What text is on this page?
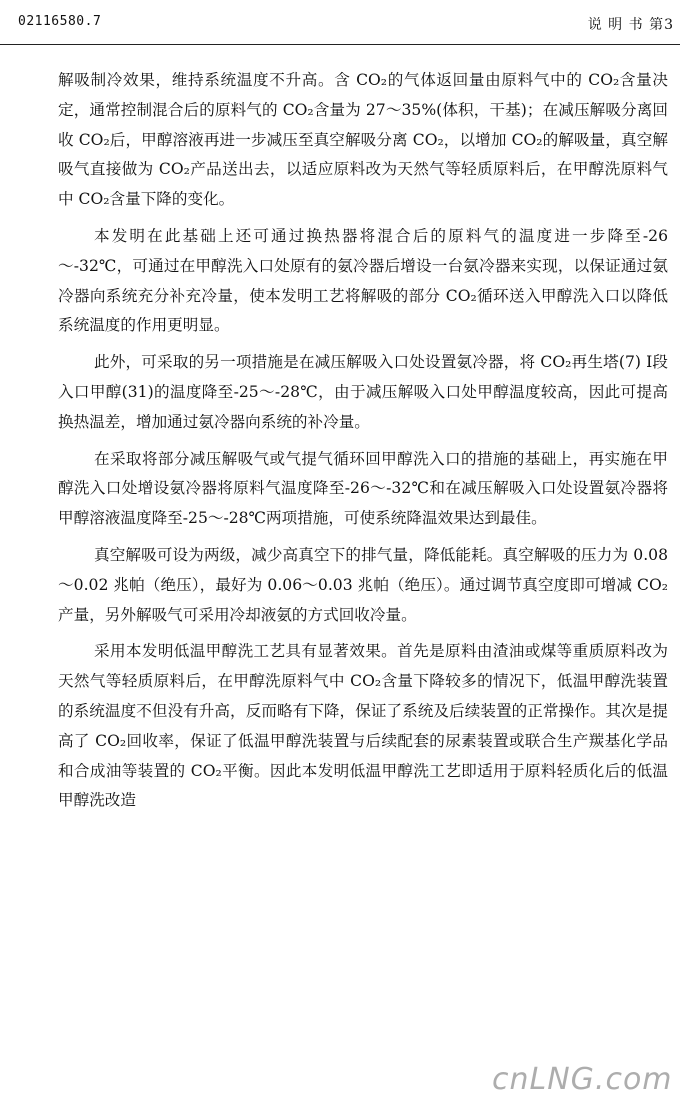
02116580.7	说 明 书 第3

解吸制冷效果，维持系统温度不升高。含 CO₂的气体返回量由原料气中的 CO₂含量决定，通常控制混合后的原料气的 CO₂含量为 27～35%(体积，干基)；在减压解吸分离回收 CO₂后，甲醇溶液再进一步减压至真空解吸分离 CO₂，以增加 CO₂的解吸量，真空解吸气直接做为 CO₂产品送出去，以适应原料改为天然气等轻质原料后，在甲醇洗原料气中 CO₂含量下降的变化。

本发明在此基础上还可通过换热器将混合后的原料气的温度进一步降至-26～-32℃，可通过在甲醇洗入口处原有的氨冷器后增设一台氨冷器来实现，以保证通过氨冷器向系统充分补充冷量，使本发明工艺将解吸的部分 CO₂循环送入甲醇洗入口以降低系统温度的作用更明显。

此外，可采取的另一项措施是在减压解吸入口处设置氨冷器，将 CO₂再生塔(7) Ⅰ段入口甲醇(31)的温度降至-25～-28℃，由于减压解吸入口处甲醇温度较高，因此可提高换热温差，增加通过氨冷器向系统的补冷量。

在采取将部分减压解吸气或气提气循环回甲醇洗入口的措施的基础上，再实施在甲醇洗入口处增设氨冷器将原料气温度降至-26～-32℃和在减压解吸入口处设置氨冷器将甲醇溶液温度降至-25～-28℃两项措施，可使系统降温效果达到最佳。

真空解吸可设为两级，减少高真空下的排气量，降低能耗。真空解吸的压力为 0.08～0.02 兆帕（绝压），最好为 0.06～0.03 兆帕（绝压）。通过调节真空度即可增减 CO₂产量，另外解吸气可采用冷却液氨的方式回收冷量。

采用本发明低温甲醇洗工艺具有显著效果。首先是原料由渣油或煤等重质原料改为天然气等轻质原料后，在甲醇洗原料气中 CO₂含量下降较多的情况下，低温甲醇洗装置的系统温度不但没有升高，反而略有下降，保证了系统及后续装置的正常操作。其次是提高了 CO₂回收率，保证了低温甲醇洗装置与后续配套的尿素装置或联合生产羰基化学品和合成油等装置的 CO₂平衡。因此本发明低温甲醇洗工艺即适用于原料轻质化后的低温甲醇洗改造

cnLNG.com
